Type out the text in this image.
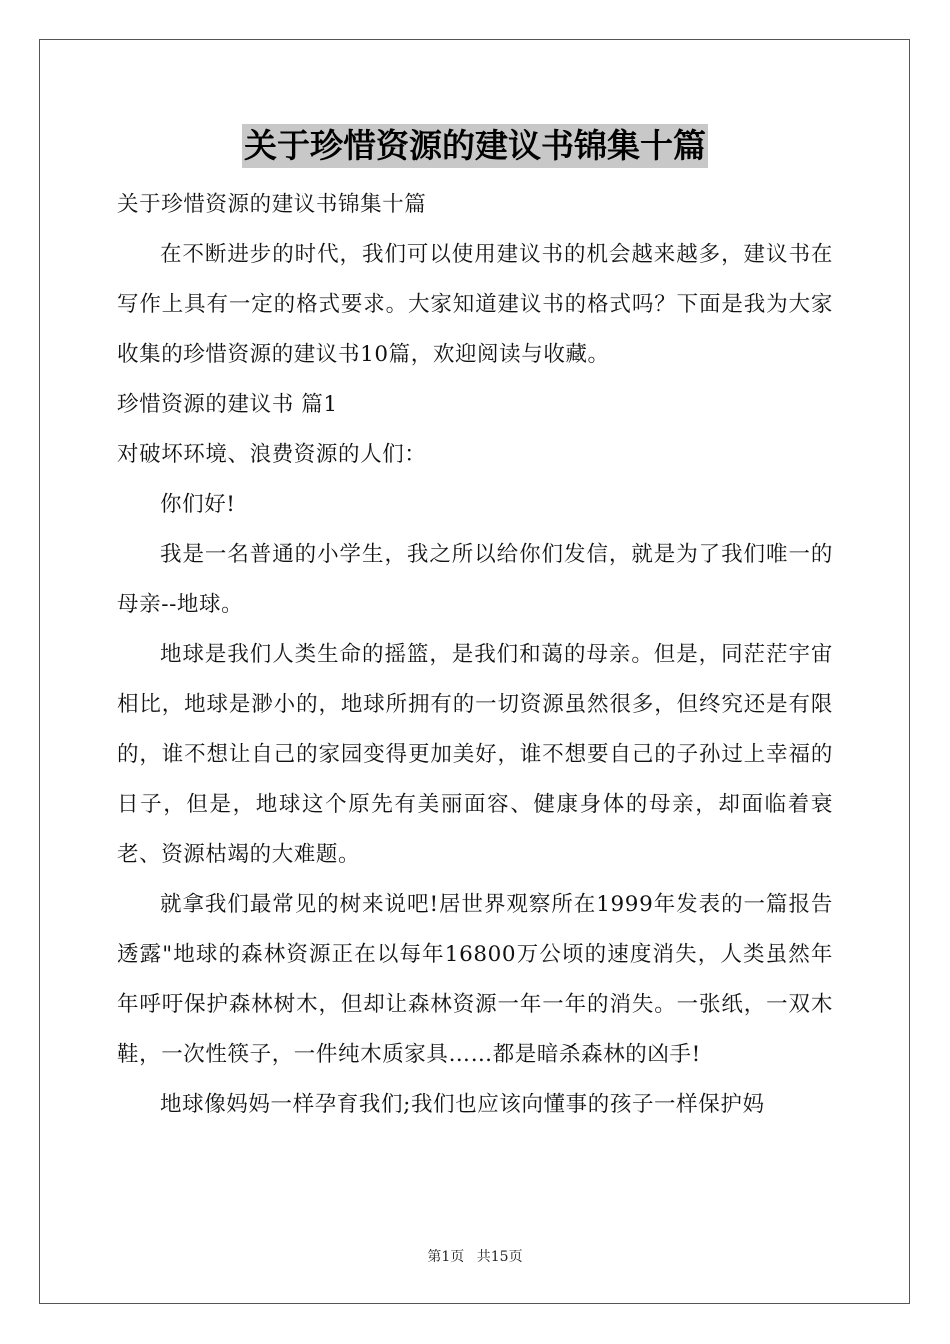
关于珍惜资源的建议书锦集十篇

关于珍惜资源的建议书锦集十篇

在不断进步的时代，我们可以使用建议书的机会越来越多，建议书在写作上具有一定的格式要求。大家知道建议书的格式吗？下面是我为大家收集的珍惜资源的建议书10篇，欢迎阅读与收藏。

珍惜资源的建议书 篇1

对破坏环境、浪费资源的人们：

你们好!

我是一名普通的小学生，我之所以给你们发信，就是为了我们唯一的母亲--地球。

地球是我们人类生命的摇篮，是我们和蔼的母亲。但是，同茫茫宇宙相比，地球是渺小的，地球所拥有的一切资源虽然很多，但终究还是有限的，谁不想让自己的家园变得更加美好，谁不想要自己的子孙过上幸福的日子，但是，地球这个原先有美丽面容、健康身体的母亲，却面临着衰老、资源枯竭的大难题。

就拿我们最常见的树来说吧!居世界观察所在1999年发表的一篇报告透露"地球的森林资源正在以每年16800万公顷的速度消失，人类虽然年年呼吁保护森林树木，但却让森林资源一年一年的消失。一张纸，一双木鞋，一次性筷子，一件纯木质家具……都是暗杀森林的凶手!

地球像妈妈一样孕育我们;我们也应该向懂事的孩子一样保护妈

第1页 共15页
